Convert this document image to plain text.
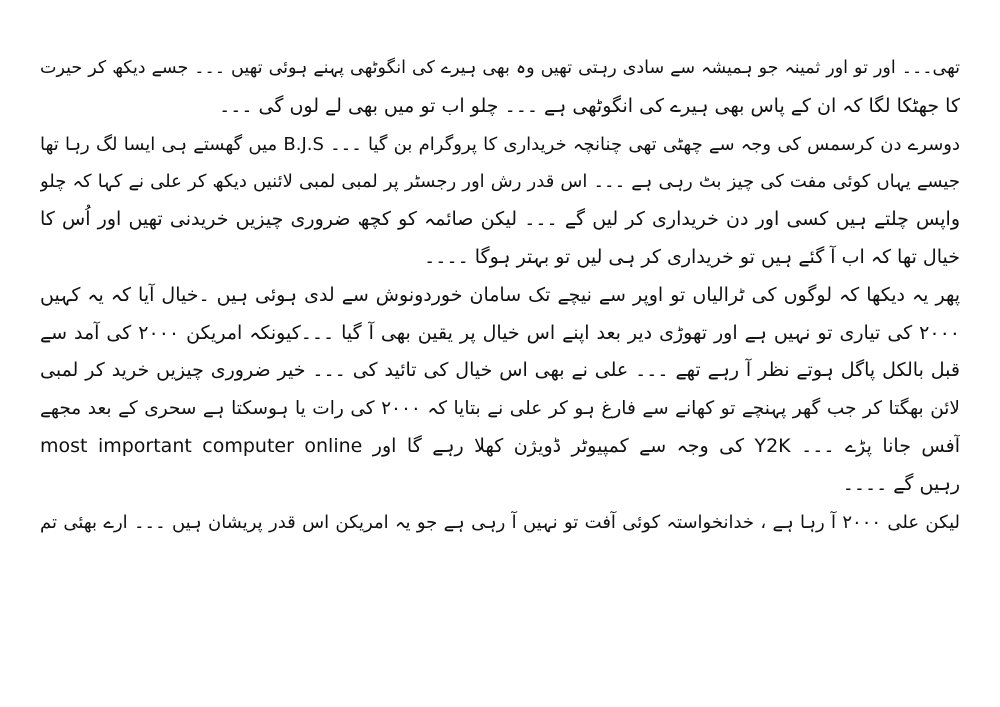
تھی۔۔۔ اور تو اور ثمینہ جو ہمیشہ سے سادی رہتی تھیں وہ بھی ہیرے کی انگوٹھی پہنے ہوئی تھیں ۔۔۔ جسے دیکھ کر حیرت
کا جھٹکا لگا کہ ان کے پاس بھی ہیرے کی انگوٹھی ہے ۔۔۔ چلو اب تو میں بھی لے لوں گی ۔۔۔
دوسرے دن کرسمس کی وجہ سے چھٹی تھی چنانچہ خریداری کا پروگرام بن گیا ۔۔۔ B.J.S میں گھستے ہی ایسا لگ رہا تھا
جیسے یہاں کوئی مفت کی چیز بٹ رہی ہے ۔۔۔ اس قدر رش اور رجسٹر پر لمبی لمبی لائنیں دیکھ کر علی نے کہا کہ چلو
واپس چلتے ہیں کسی اور دن خریداری کر لیں گے ۔۔۔ لیکن صائمہ کو کچھ ضروری چیزیں خریدنی تھیں اور اُس کا
خیال تھا کہ اب آ گئے ہیں تو خریداری کر ہی لیں تو بہتر ہوگا ۔۔۔۔
پھر یہ دیکھا کہ لوگوں کی ٹرالیاں تو اوپر سے نیچے تک سامان خوردونوش سے لدی ہوئی ہیں ۔خیال آیا کہ یہ کہیں
۲۰۰۰ کی تیاری تو نہیں ہے اور تھوڑی دیر بعد اپنے اس خیال پر یقین بھی آ گیا ۔۔۔کیونکہ امریکن ۲۰۰۰ کی آمد سے
قبل بالکل پاگل ہوتے نظر آ رہے تھے ۔۔۔ علی نے بھی اس خیال کی تائید کی ۔۔۔ خیر ضروری چیزیں خرید کر لمبی
لائن بھگتا کر جب گھر پہنچے تو کھانے سے فارغ ہو کر علی نے بتایا کہ ۲۰۰۰ کی رات یا ہوسکتا ہے سحری کے بعد مجھے
آفس جانا پڑے ۔۔۔ Y2K کی وجہ سے کمپیوٹر ڈویژن کھلا رہے گا اور most important computer online
رہیں گے ۔۔۔۔
لیکن علی ۲۰۰۰ آ رہا ہے ، خدانخواستہ کوئی آفت تو نہیں آ رہی ہے جو یہ امریکن اس قدر پریشان ہیں ۔۔۔ ارے بھئی تم
